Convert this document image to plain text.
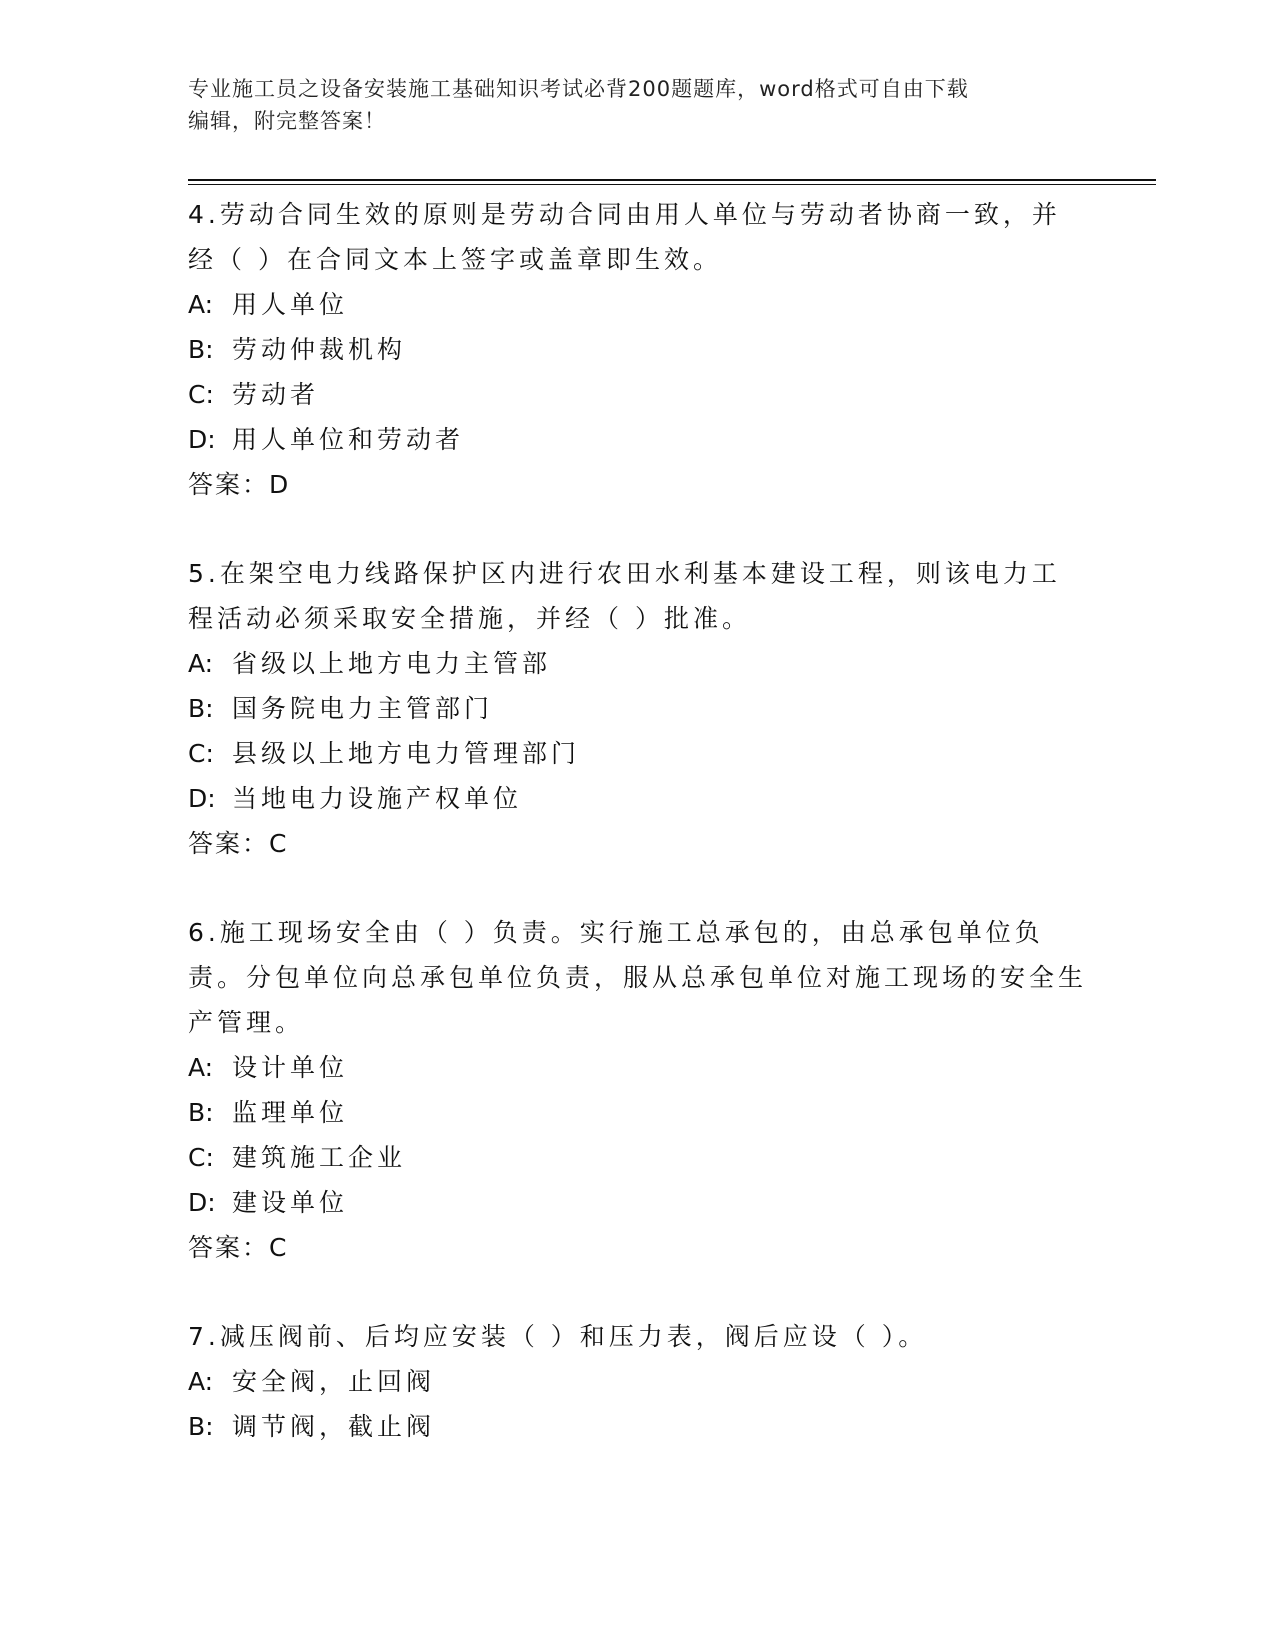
专业施工员之设备安装施工基础知识考试必背200题题库，word格式可自由下载
编辑，附完整答案！

4.劳动合同生效的原则是劳动合同由用人单位与劳动者协商一致，并经（ ）在合同文本上签字或盖章即生效。

A: 用人单位

B: 劳动仲裁机构

C: 劳动者

D: 用人单位和劳动者

答案：D

5.在架空电力线路保护区内进行农田水利基本建设工程，则该电力工程活动必须采取安全措施，并经（ ）批准。

A: 省级以上地方电力主管部

B: 国务院电力主管部门

C: 县级以上地方电力管理部门

D: 当地电力设施产权单位

答案：C

6.施工现场安全由（ ）负责。实行施工总承包的，由总承包单位负责。分包单位向总承包单位负责，服从总承包单位对施工现场的安全生产管理。

A: 设计单位

B: 监理单位

C: 建筑施工企业

D: 建设单位

答案：C

7.减压阀前、后均应安装（ ）和压力表，阀后应设（ ）。

A: 安全阀，止回阀

B: 调节阀，截止阀
